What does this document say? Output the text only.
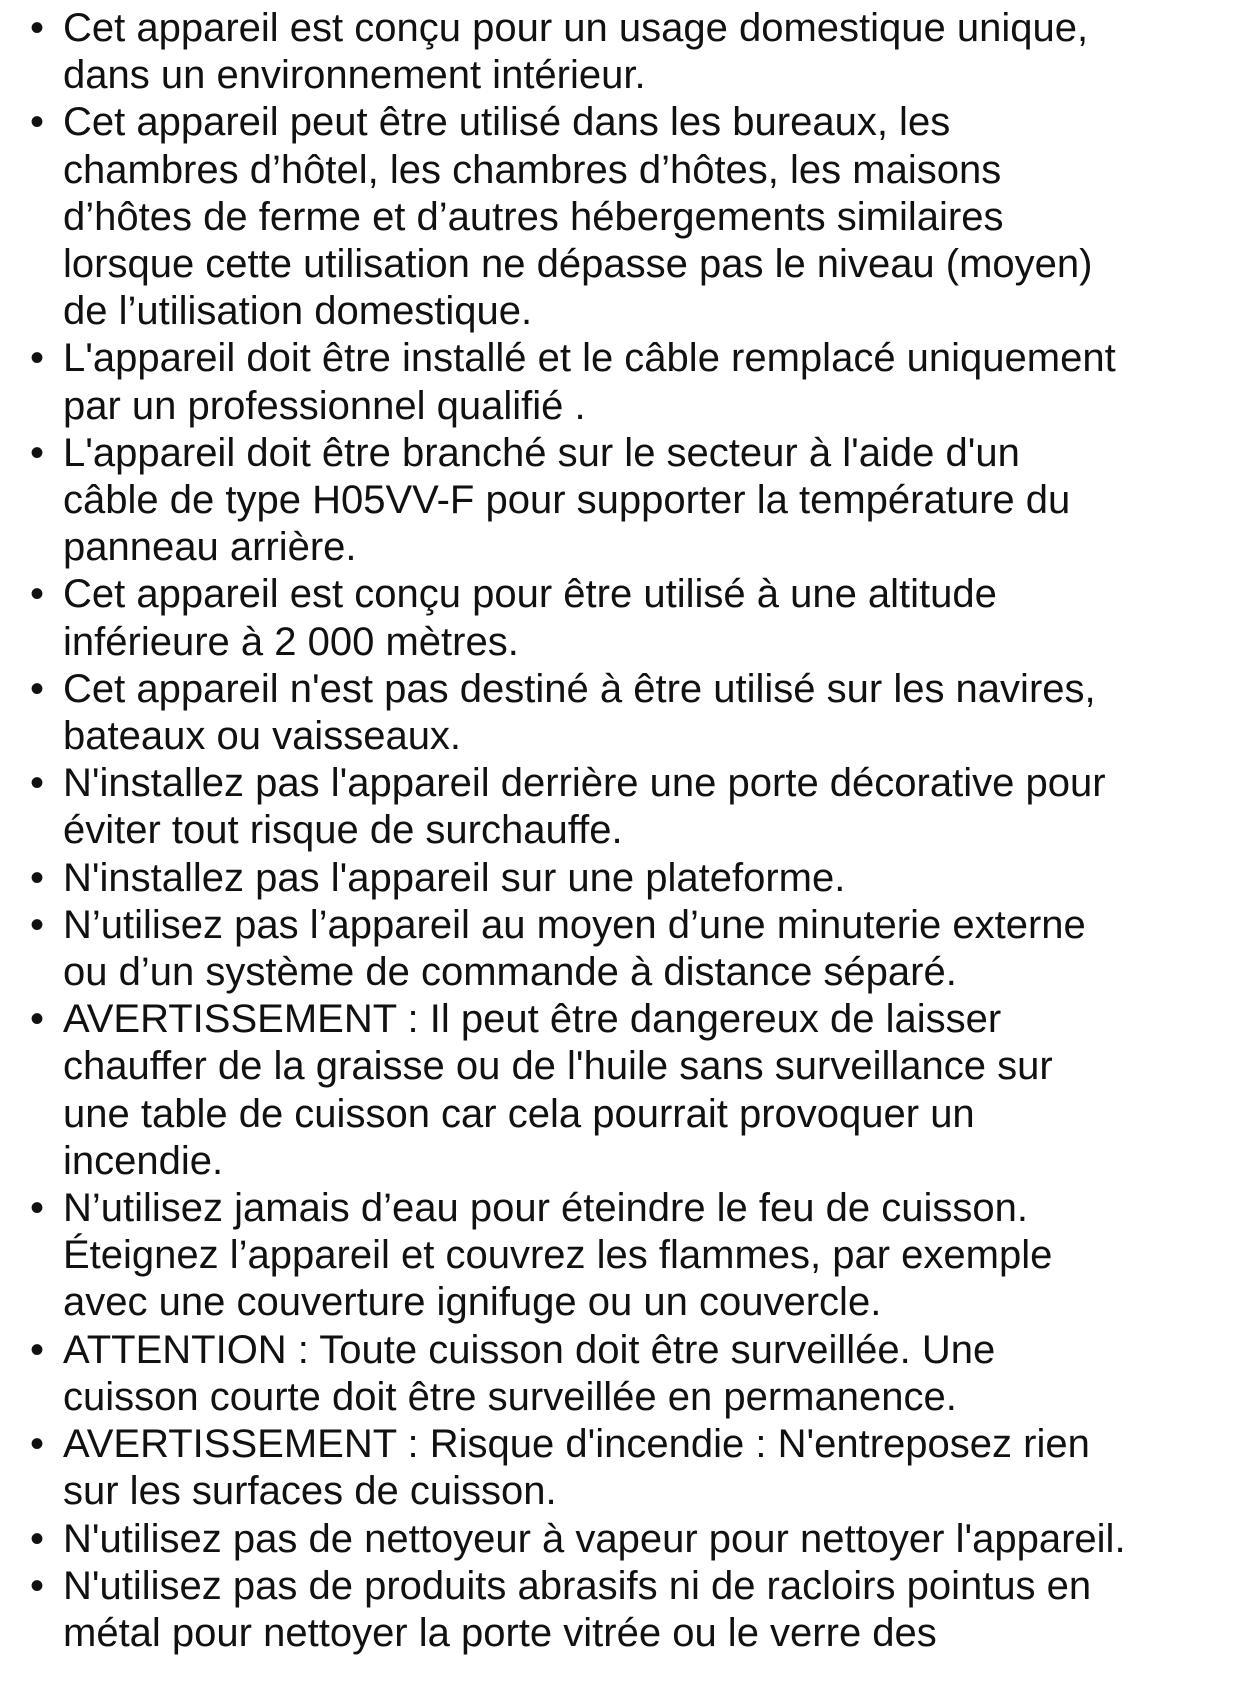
• Cet appareil est conçu pour un usage domestique unique,
dans un environnement intérieur.
• Cet appareil peut être utilisé dans les bureaux, les
chambres d’hôtel, les chambres d’hôtes, les maisons
d’hôtes de ferme et d’autres hébergements similaires
lorsque cette utilisation ne dépasse pas le niveau (moyen)
de l’utilisation domestique.
• L'appareil doit être installé et le câble remplacé uniquement
par un professionnel qualifié .
• L'appareil doit être branché sur le secteur à l'aide d'un
câble de type H05VV-F pour supporter la température du
panneau arrière.
• Cet appareil est conçu pour être utilisé à une altitude
inférieure à 2 000 mètres.
• Cet appareil n'est pas destiné à être utilisé sur les navires,
bateaux ou vaisseaux.
• N'installez pas l'appareil derrière une porte décorative pour
éviter tout risque de surchauffe.
• N'installez pas l'appareil sur une plateforme.
• N’utilisez pas l’appareil au moyen d’une minuterie externe
ou d’un système de commande à distance séparé.
• AVERTISSEMENT : Il peut être dangereux de laisser
chauffer de la graisse ou de l'huile sans surveillance sur
une table de cuisson car cela pourrait provoquer un
incendie.
• N’utilisez jamais d’eau pour éteindre le feu de cuisson.
Éteignez l’appareil et couvrez les flammes, par exemple
avec une couverture ignifuge ou un couvercle.
• ATTENTION : Toute cuisson doit être surveillée. Une
cuisson courte doit être surveillée en permanence.
• AVERTISSEMENT : Risque d'incendie : N'entreposez rien
sur les surfaces de cuisson.
• N'utilisez pas de nettoyeur à vapeur pour nettoyer l'appareil.
• N'utilisez pas de produits abrasifs ni de racloirs pointus en
métal pour nettoyer la porte vitrée ou le verre des
